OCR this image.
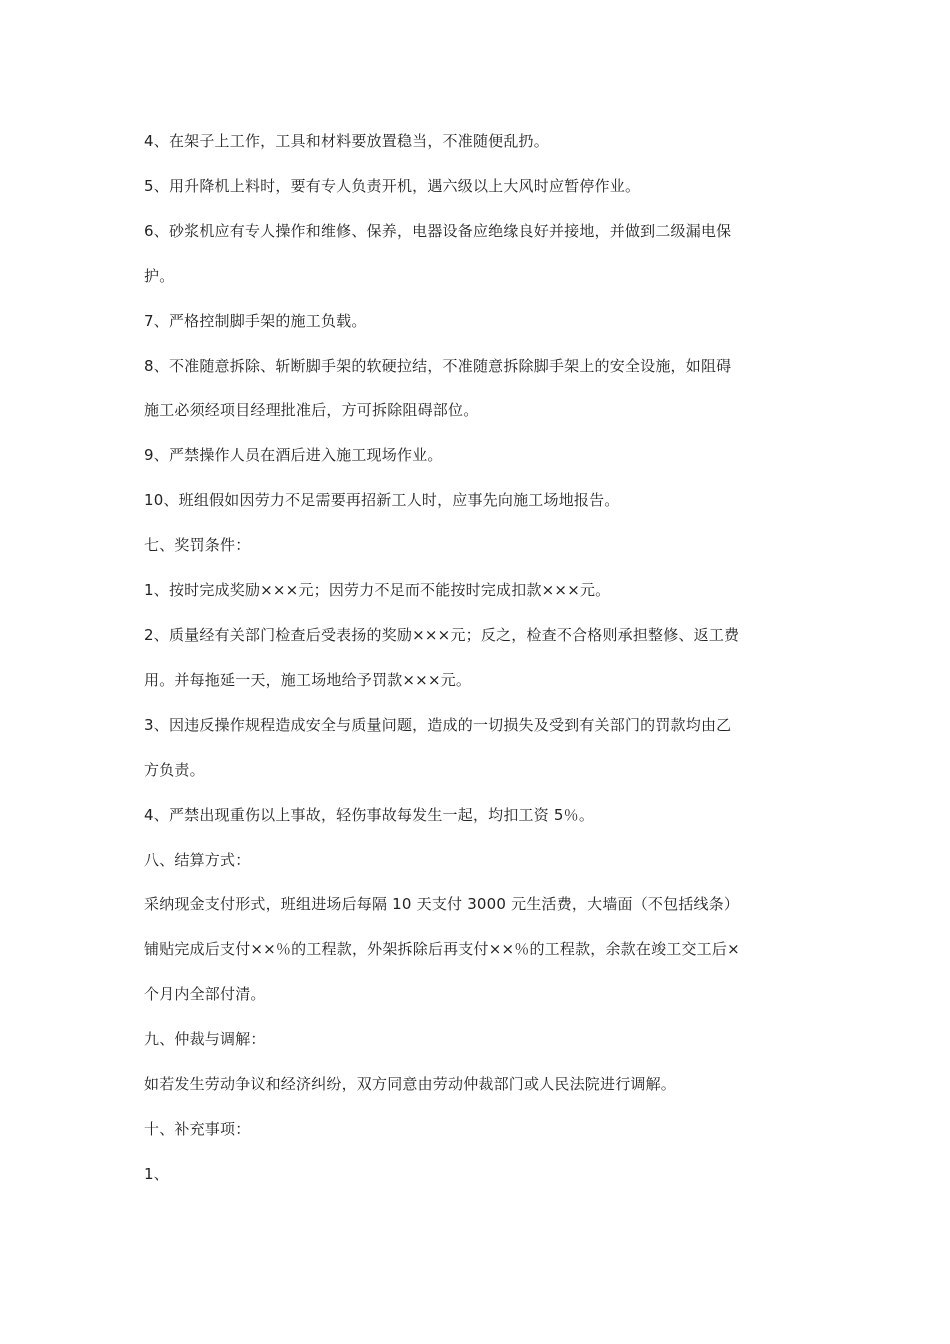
4、在架子上工作，工具和材料要放置稳当，不准随便乱扔。

5、用升降机上料时，要有专人负责开机，遇六级以上大风时应暂停作业。

6、砂浆机应有专人操作和维修、保养，电器设备应绝缘良好并接地，并做到二级漏电保

护。

7、严格控制脚手架的施工负载。

8、不准随意拆除、斩断脚手架的软硬拉结，不准随意拆除脚手架上的安全设施，如阻碍

施工必须经项目经理批准后，方可拆除阻碍部位。

9、严禁操作人员在酒后进入施工现场作业。

10、班组假如因劳力不足需要再招新工人时，应事先向施工场地报告。

七、奖罚条件：

1、按时完成奖励×××元；因劳力不足而不能按时完成扣款×××元。

2、质量经有关部门检查后受表扬的奖励×××元；反之，检查不合格则承担整修、返工费

用。并每拖延一天，施工场地给予罚款×××元。

3、因违反操作规程造成安全与质量问题，造成的一切损失及受到有关部门的罚款均由乙

方负责。

4、严禁出现重伤以上事故，轻伤事故每发生一起，均扣工资 5％。

八、结算方式：

采纳现金支付形式，班组进场后每隔 10 天支付 3000 元生活费，大墙面（不包括线条）

铺贴完成后支付××％的工程款，外架拆除后再支付××％的工程款，余款在竣工交工后×

个月内全部付清。

九、仲裁与调解：

如若发生劳动争议和经济纠纷，双方同意由劳动仲裁部门或人民法院进行调解。

十、补充事项：

1、
